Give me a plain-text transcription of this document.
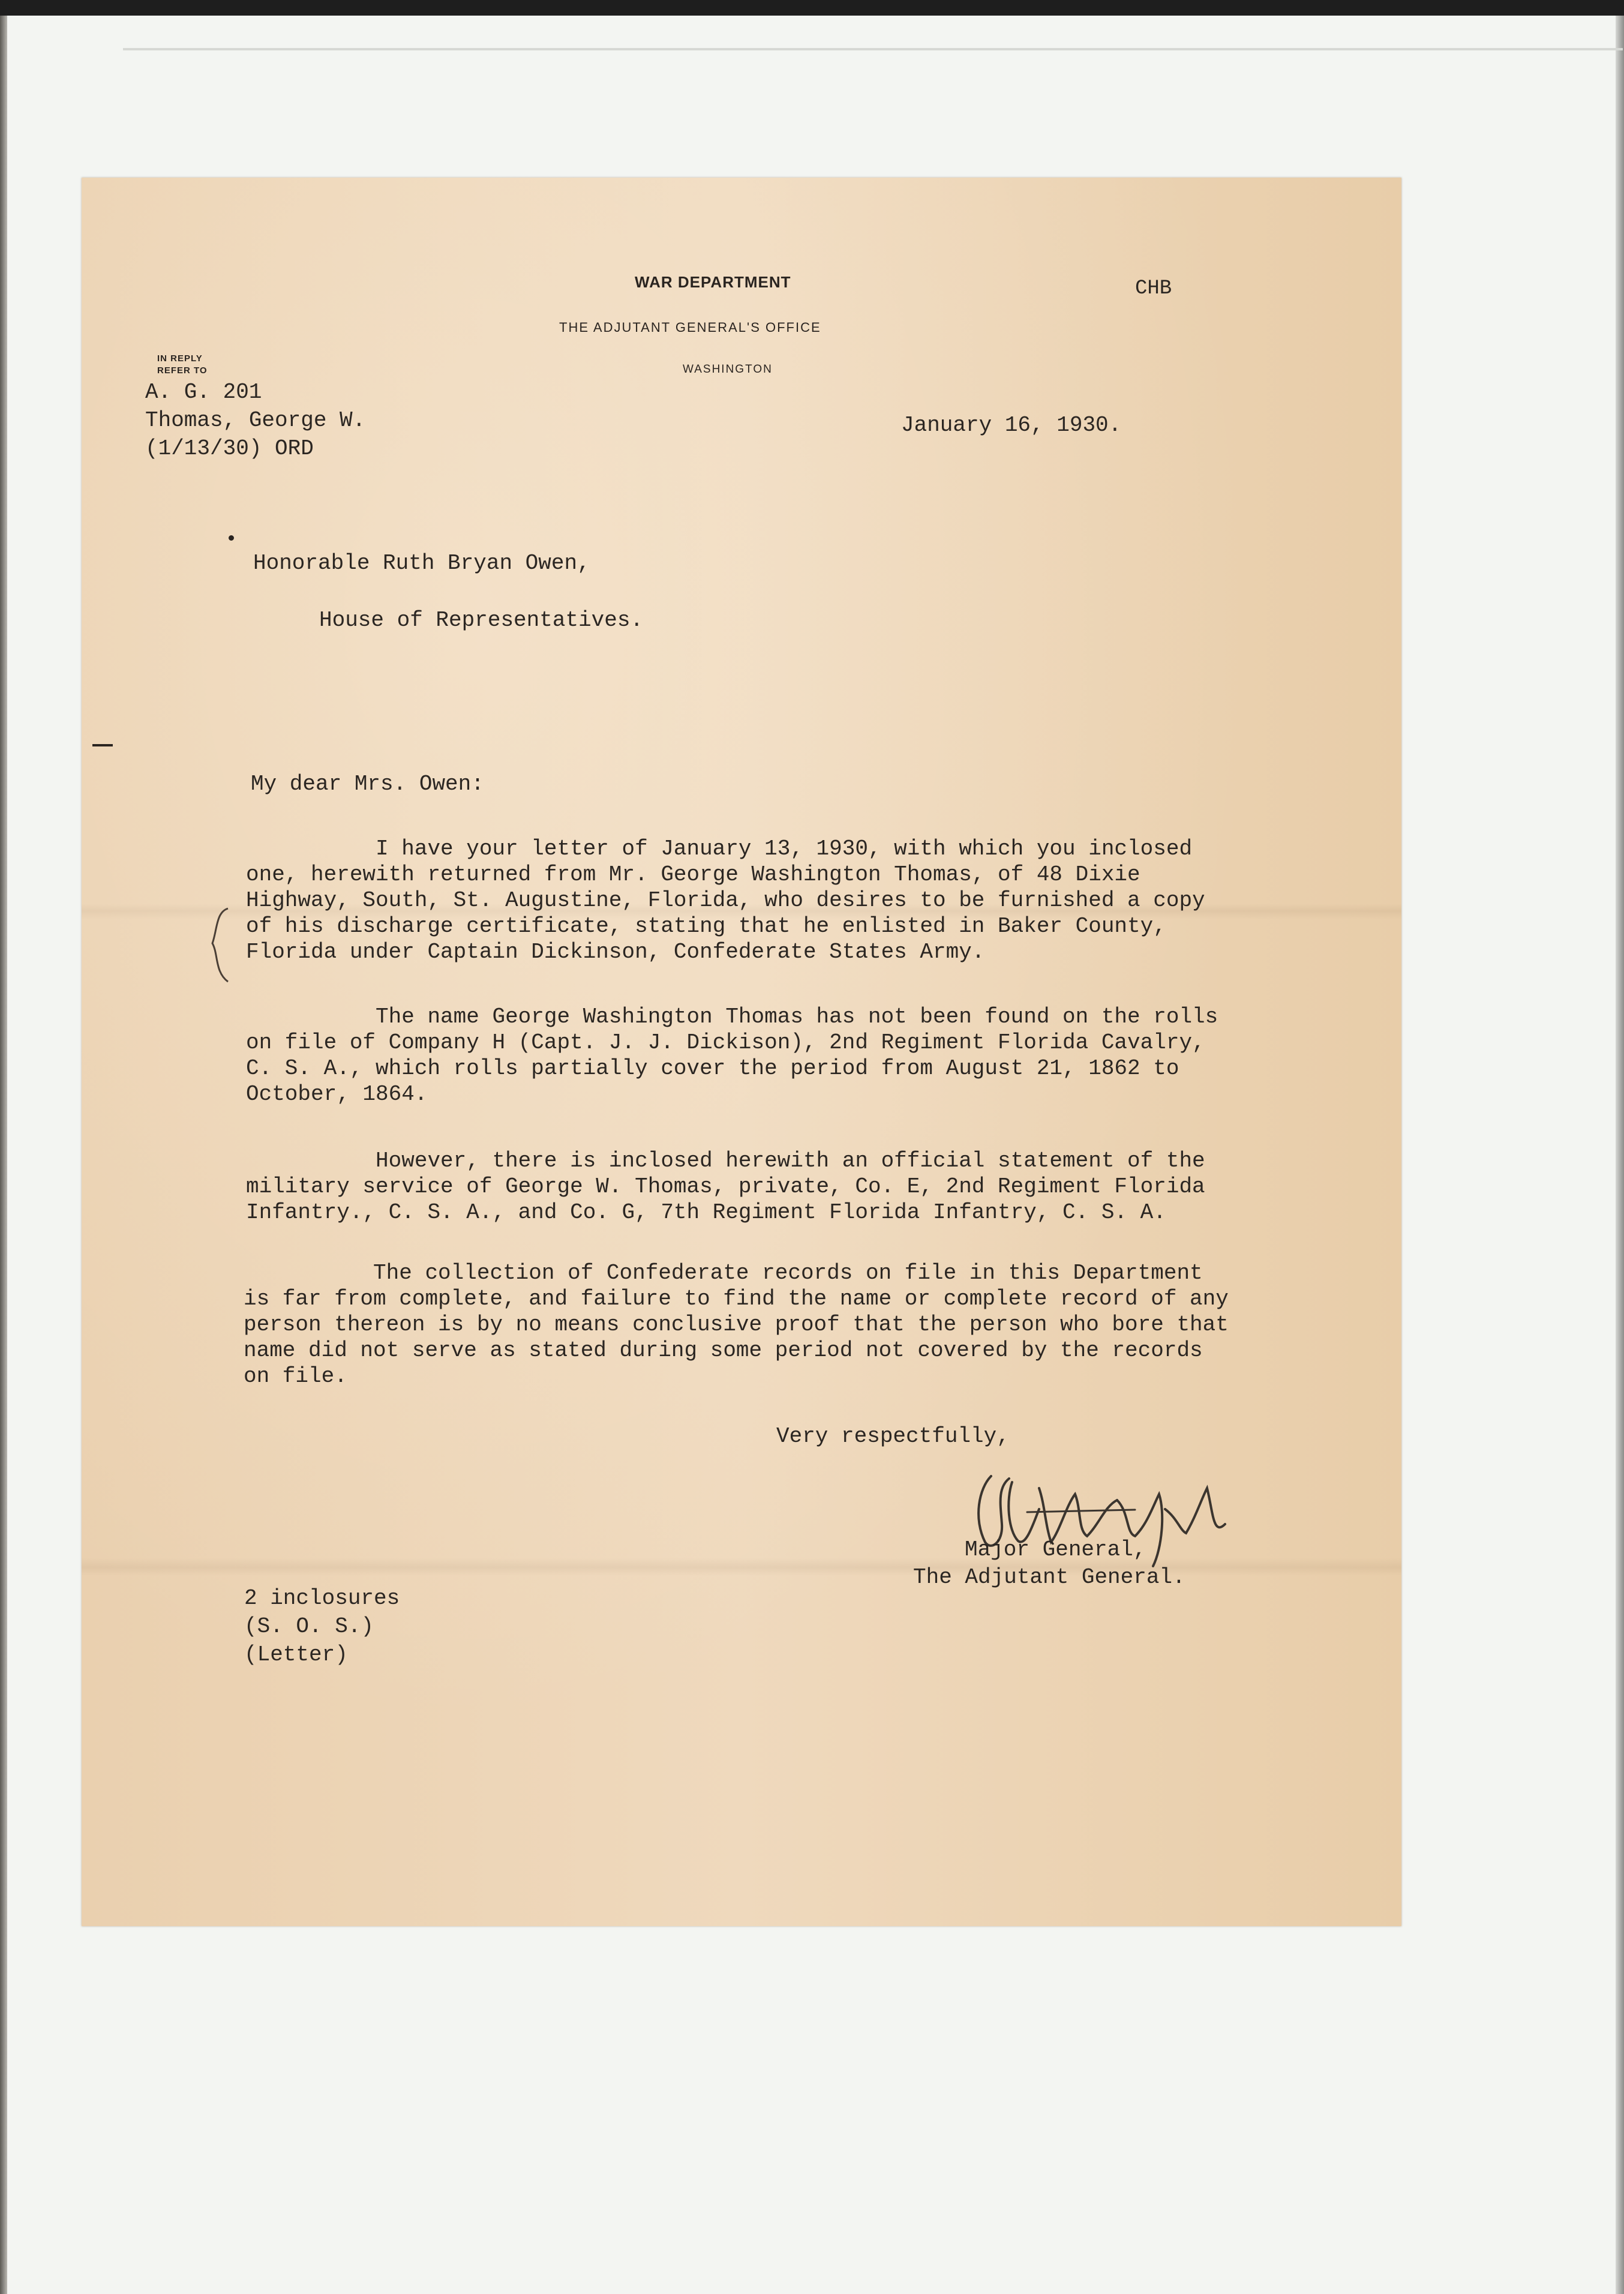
WAR DEPARTMENT
THE ADJUTANT GENERAL'S OFFICE
WASHINGTON
CHB
IN REPLY
REFER TO
A. G. 201
Thomas, George W.
(1/13/30) ORD
January 16, 1930.
Honorable Ruth Bryan Owen,
House of Representatives.
My dear Mrs. Owen:
I have your letter of January 13, 1930, with which you inclosed
one, herewith returned from Mr. George Washington Thomas, of 48 Dixie
Highway, South, St. Augustine, Florida, who desires to be furnished a copy
of his discharge certificate, stating that he enlisted in Baker County,
Florida under Captain Dickinson, Confederate States Army.
The name George Washington Thomas has not been found on the rolls
on file of Company H (Capt. J. J. Dickison), 2nd Regiment Florida Cavalry,
C. S. A., which rolls partially cover the period from August 21, 1862 to
October, 1864.
However, there is inclosed herewith an official statement of the
military service of George W. Thomas, private, Co. E, 2nd Regiment Florida
Infantry., C. S. A., and Co. G, 7th Regiment Florida Infantry, C. S. A.
The collection of Confederate records on file in this Department
is far from complete, and failure to find the name or complete record of any
person thereon is by no means conclusive proof that the person who bore that
name did not serve as stated during some period not covered by the records
on file.
Very respectfully,
Major General,
The Adjutant General.
2 inclosures
(S. O. S.)
(Letter)
